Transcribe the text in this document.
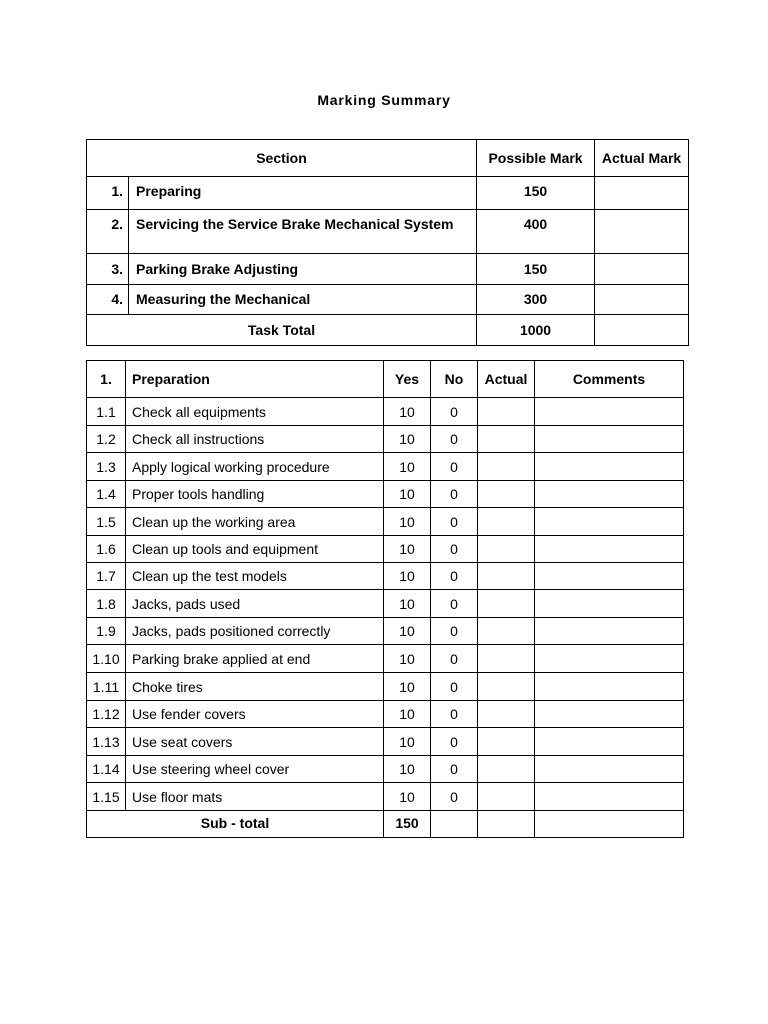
Marking Summary
Section		Possible Mark	Actual Mark
1.	Preparing	150	
2.	Servicing the Service Brake Mechanical System	400	
3.	Parking Brake Adjusting	150	
4.	Measuring the Mechanical	300	
Task Total		1000	
1.	Preparation	Yes	No	Actual	Comments
1.1	Check all equipments	10	0		
1.2	Check all instructions	10	0		
1.3	Apply logical working procedure	10	0		
1.4	Proper tools handling	10	0		
1.5	Clean up the working area	10	0		
1.6	Clean up tools and equipment	10	0		
1.7	Clean up the test models	10	0		
1.8	Jacks, pads used	10	0		
1.9	Jacks, pads positioned correctly	10	0		
1.10	Parking brake applied at end	10	0		
1.11	Choke tires	10	0		
1.12	Use fender covers	10	0		
1.13	Use seat covers	10	0		
1.14	Use steering wheel cover	10	0		
1.15	Use floor mats	10	0		
Sub - total		150			
